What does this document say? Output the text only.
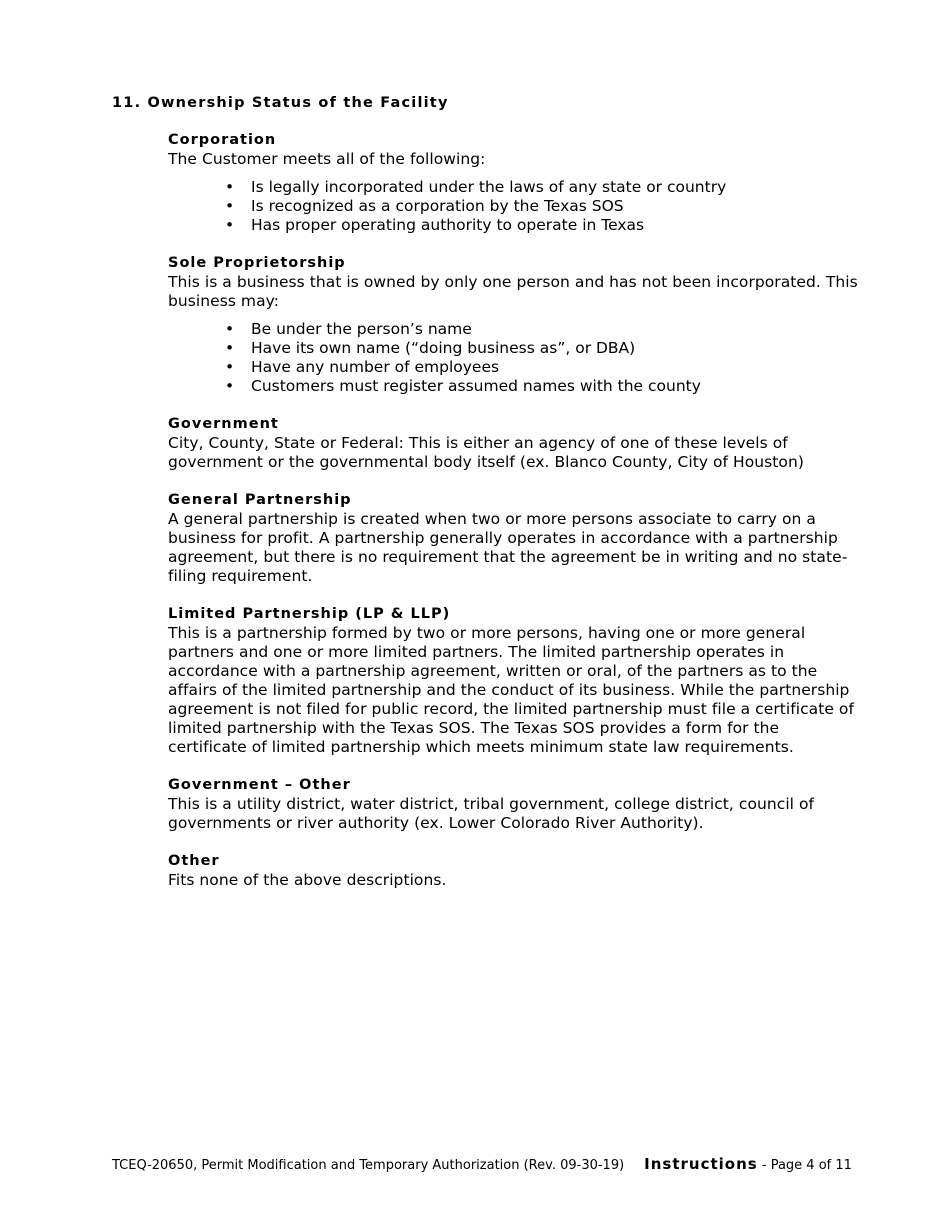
11. Ownership Status of the Facility
Corporation

The Customer meets all of the following:

• Is legally incorporated under the laws of any state or country
• Is recognized as a corporation by the Texas SOS
• Has proper operating authority to operate in Texas
Sole Proprietorship

This is a business that is owned by only one person and has not been incorporated. This business may:

• Be under the person’s name
• Have its own name (“doing business as”, or DBA)
• Have any number of employees
• Customers must register assumed names with the county
Government

City, County, State or Federal: This is either an agency of one of these levels of government or the governmental body itself (ex. Blanco County, City of Houston)

General Partnership

A general partnership is created when two or more persons associate to carry on a business for profit. A partnership generally operates in accordance with a partnership agreement, but there is no requirement that the agreement be in writing and no state-filing requirement.

Limited Partnership (LP & LLP)

This is a partnership formed by two or more persons, having one or more general partners and one or more limited partners. The limited partnership operates in accordance with a partnership agreement, written or oral, of the partners as to the affairs of the limited partnership and the conduct of its business. While the partnership agreement is not filed for public record, the limited partnership must file a certificate of limited partnership with the Texas SOS. The Texas SOS provides a form for the certificate of limited partnership which meets minimum state law requirements.

Government – Other

This is a utility district, water district, tribal government, college district, council of governments or river authority (ex. Lower Colorado River Authority).

Other

Fits none of the above descriptions.

TCEQ-20650, Permit Modification and Temporary Authorization (Rev. 09-30-19) Instructions - Page 4 of 11
